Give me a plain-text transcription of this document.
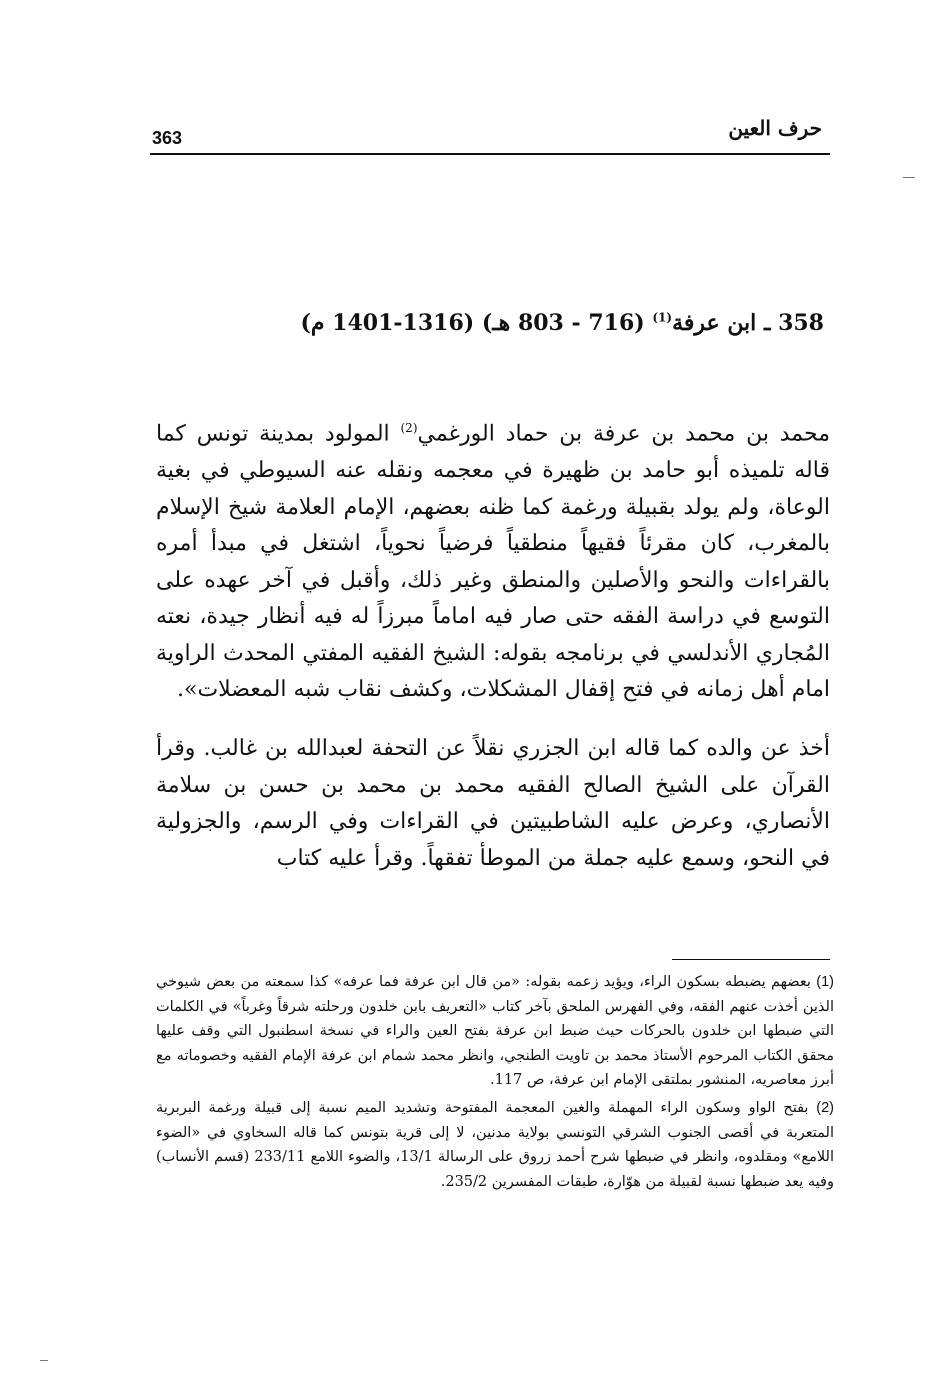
حرف العين
363
358 ـ ابن عرفة$^{(1)}$ (716 - 803 هـ) (1316-1401 م)

محمد بن محمد بن عرفة بن حماد الورغمي$^{(2)}$ المولود بمدينة تونس كما قاله تلميذه أبو حامد بن ظهيرة في معجمه ونقله عنه السيوطي في بغية الوعاة، ولم يولد بقبيلة ورغمة كما ظنه بعضهم، الإمام العلامة شيخ الإسلام بالمغرب، كان مقرئاً فقيهاً منطقياً فرضياً نحوياً، اشتغل في مبدأ أمره بالقراءات والنحو والأصلين والمنطق وغير ذلك، وأقبل في آخر عهده على التوسع في دراسة الفقه حتى صار فيه اماماً مبرزاً له فيه أنظار جيدة، نعته المُجاري الأندلسي في برنامجه بقوله: الشيخ الفقيه المفتي المحدث الراوية امام أهل زمانه في فتح إقفال المشكلات، وكشف نقاب شبه المعضلات».

أخذ عن والده كما قاله ابن الجزري نقلاً عن التحفة لعبدالله بن غالب. وقرأ القرآن على الشيخ الصالح الفقيه محمد بن محمد بن حسن بن سلامة الأنصاري، وعرض عليه الشاطبيتين في القراءات وفي الرسم، والجزولية في النحو، وسمع عليه جملة من الموطأ تفقهاً. وقرأ عليه كتاب

(1) بعضهم يضبطه بسكون الراء، ويؤيد زعمه بقوله: «من قال ابن عرفة فما عرفه» كذا سمعته من بعض شيوخي الذين أخذت عنهم الفقه، وفي الفهرس الملحق بآخر كتاب «التعريف بابن خلدون ورحلته شرقاً وغرباً» في الكلمات التي ضبطها ابن خلدون بالحركات حيث ضبط ابن عرفة بفتح العين والراء في نسخة اسطنبول التي وقف عليها محقق الكتاب المرحوم الأستاذ محمد بن تاويت الطنجي، وانظر محمد شمام ابن عرفة الإمام الفقيه وخصوماته مع أبرز معاصريه، المنشور بملتقى الإمام ابن عرفة، ص 117.

(2) بفتح الواو وسكون الراء المهملة والغين المعجمة المفتوحة وتشديد الميم نسبة إلى قبيلة ورغمة البربرية المتعربة في أقصى الجنوب الشرقي التونسي بولاية مدنين، لا إلى قرية بتونس كما قاله السخاوي في «الضوء اللامع» ومقلدوه، وانظر في ضبطها شرح أحمد زروق على الرسالة 13/1، والضوء اللامع 233/11 (قسم الأنساب) وفيه يعد ضبطها نسبة لقبيلة من هوّارة، طبقات المفسرين 235/2.
